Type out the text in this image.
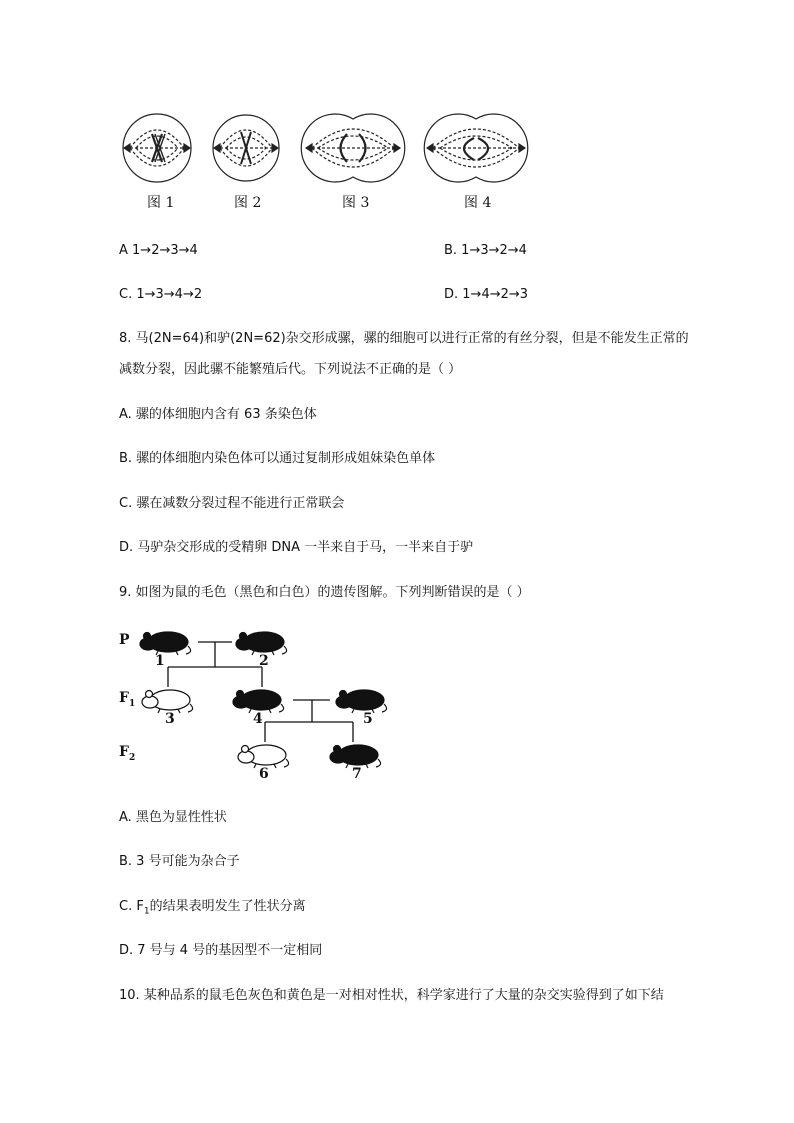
图 1	图 2	图 3	图 4
A 1→2→3→4	B. 1→3→2→4
C. 1→3→4→2	D. 1→4→2→3
8. 马(2N=64)和驴(2N=62)杂交形成骡，骡的细胞可以进行正常的有丝分裂，但是不能发生正常的
减数分裂，因此骡不能繁殖后代。下列说法不正确的是（ ）
A. 骡的体细胞内含有 63 条染色体
B. 骡的体细胞内染色体可以通过复制形成姐妹染色单体
C. 骡在减数分裂过程不能进行正常联会
D. 马驴杂交形成的受精卵 DNA 一半来自于马，一半来自于驴
9. 如图为鼠的毛色（黑色和白色）的遗传图解。下列判断错误的是（ ）
P
$F_1$
$F_2$
1	2
3	4	5
6	7
A. 黑色为显性性状
B. 3 号可能为杂合子
C. $F_1$的结果表明发生了性状分离
D. 7 号与 4 号的基因型不一定相同
10. 某种品系的鼠毛色灰色和黄色是一对相对性状，科学家进行了大量的杂交实验得到了如下结
